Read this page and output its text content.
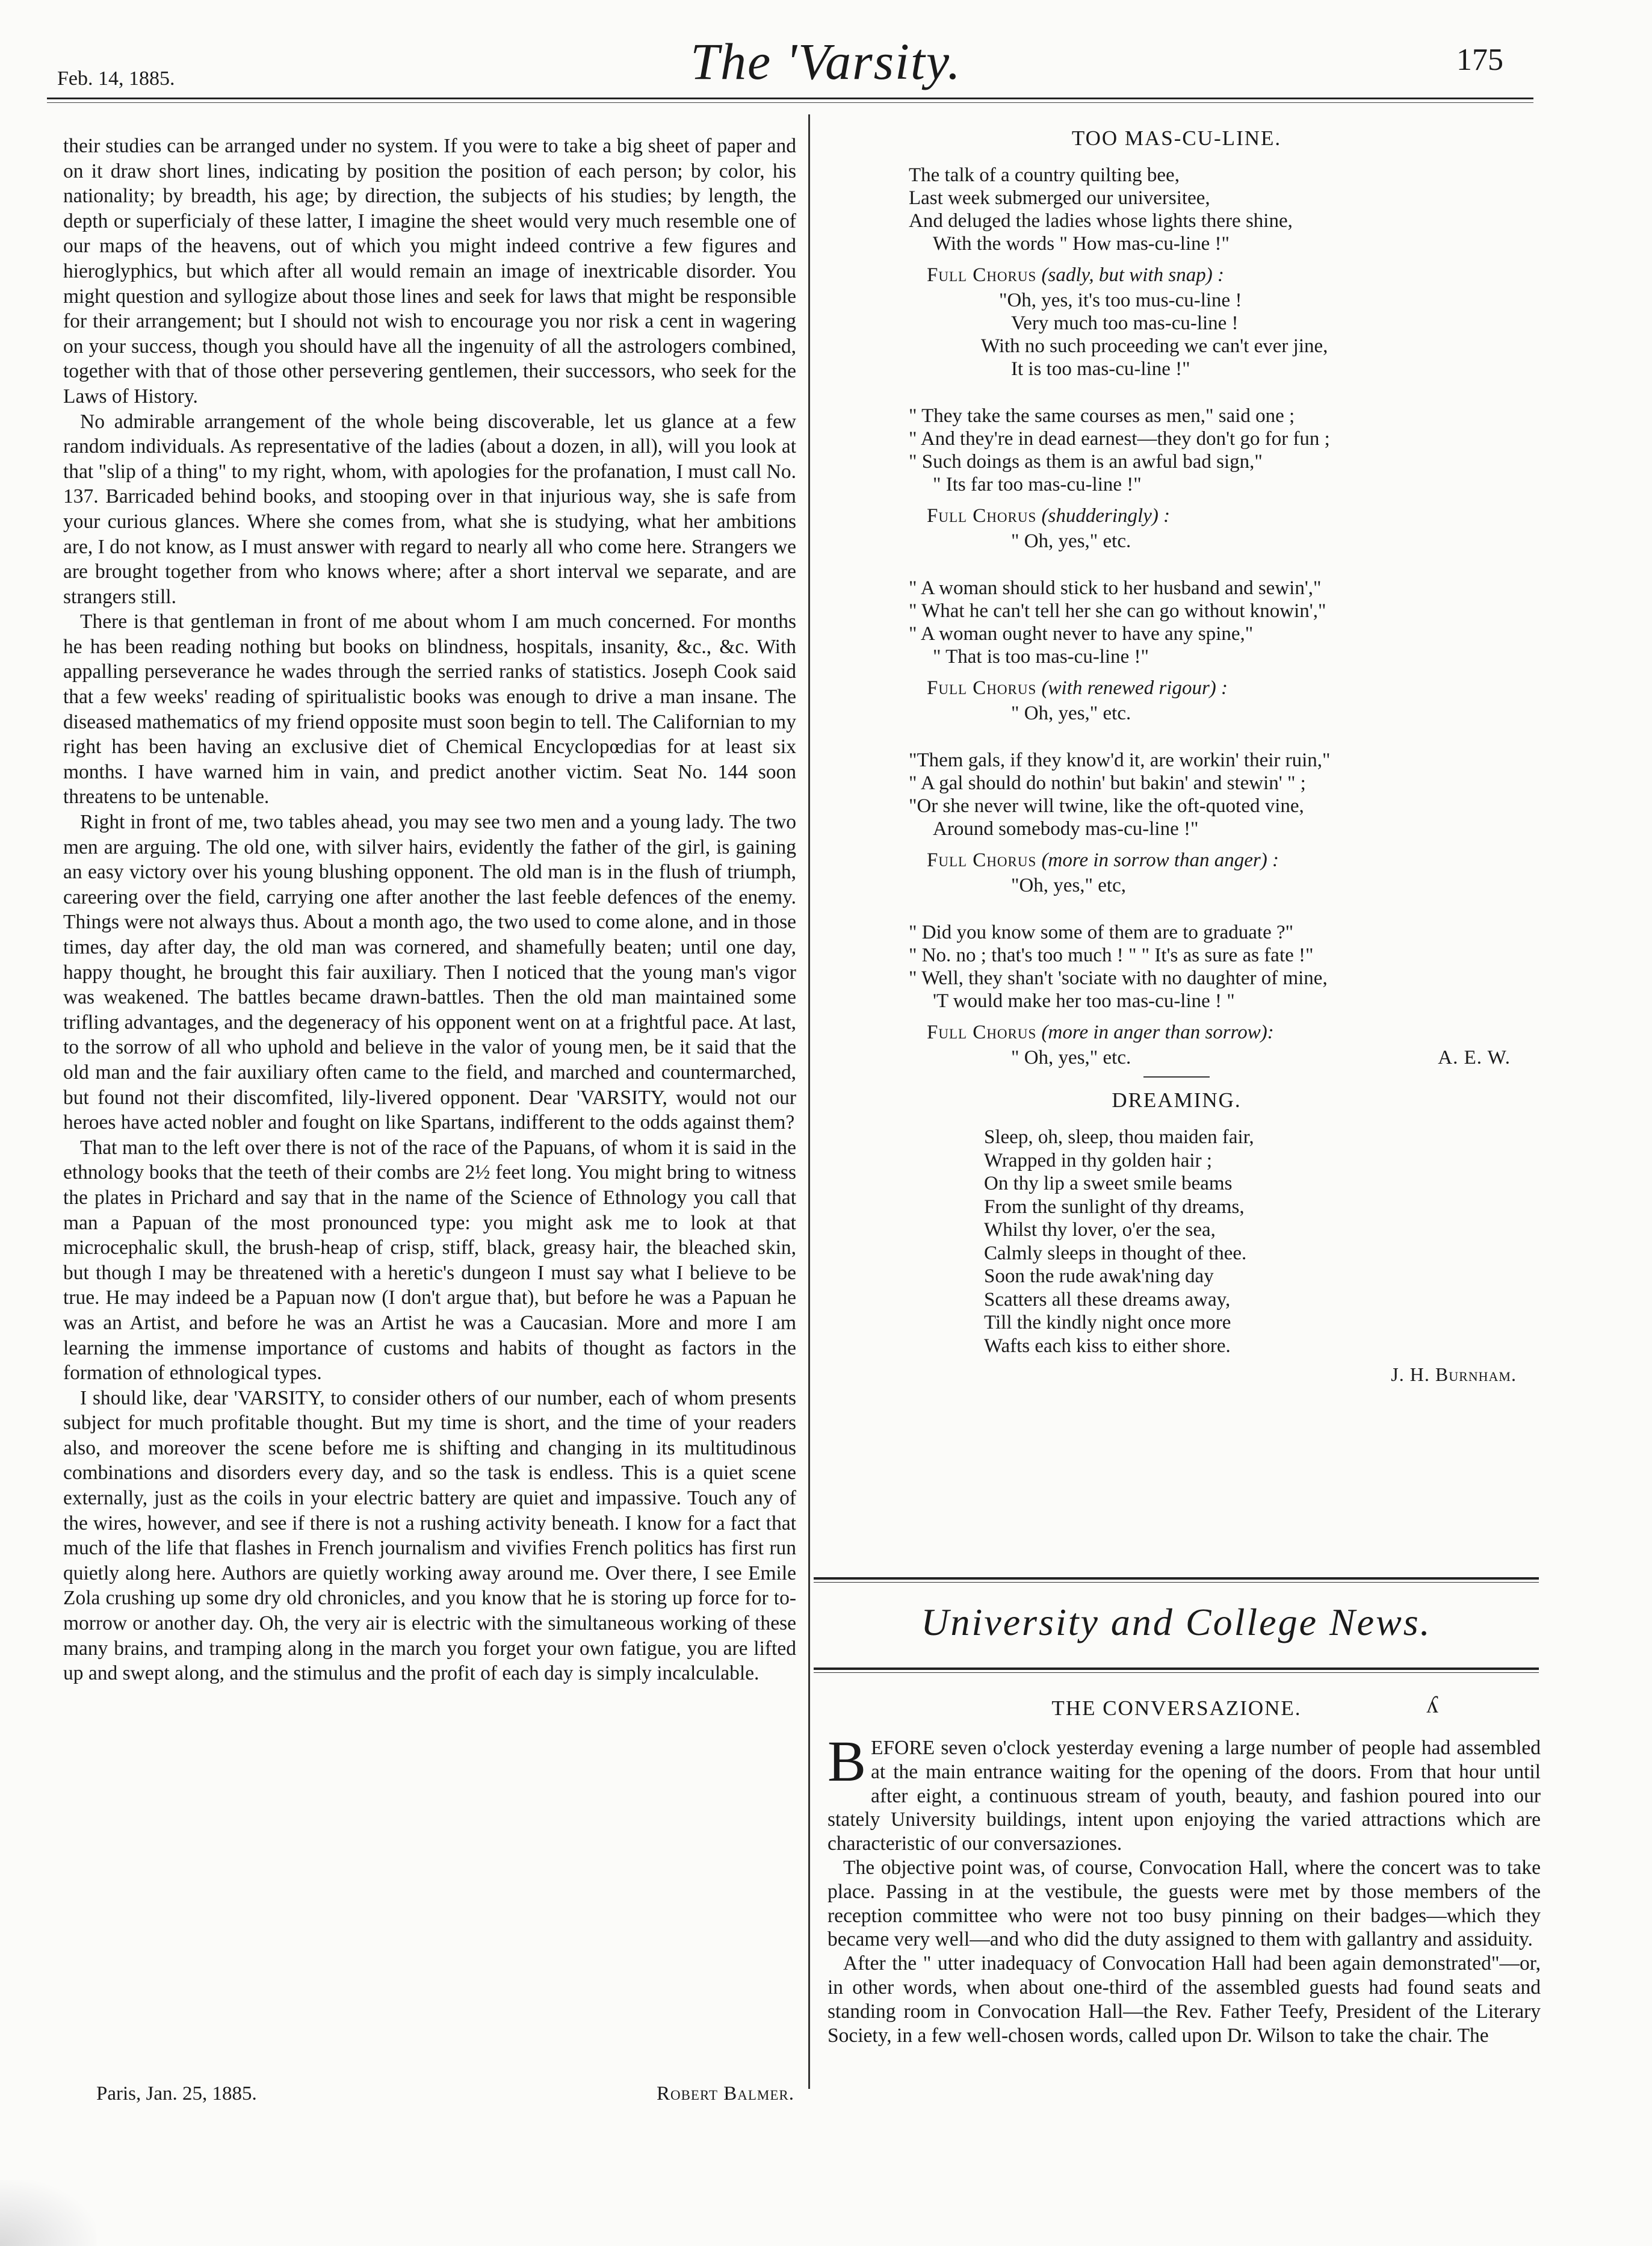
Feb. 14, 1885.	The 'Varsity.	175

their studies can be arranged under no system. If you were to take a big sheet of paper and on it draw short lines, indicating by position the position of each person; by color, his nationality; by breadth, his age; by direction, the subjects of his studies; by length, the depth or superficialy of these latter, I imagine the sheet would very much resemble one of our maps of the heavens, out of which you might indeed contrive a few figures and hieroglyphics, but which after all would remain an image of inextricable disorder. You might question and syllogize about those lines and seek for laws that might be responsible for their arrangement; but I should not wish to encourage you nor risk a cent in wagering on your success, though you should have all the ingenuity of all the astrologers combined, together with that of those other persevering gentlemen, their successors, who seek for the Laws of History.

No admirable arrangement of the whole being discoverable, let us glance at a few random individuals. As representative of the ladies (about a dozen, in all), will you look at that "slip of a thing" to my right, whom, with apologies for the profanation, I must call No. 137. Barricaded behind books, and stooping over in that injurious way, she is safe from your curious glances. Where she comes from, what she is studying, what her ambitions are, I do not know, as I must answer with regard to nearly all who come here. Strangers we are brought together from who knows where; after a short interval we separate, and are strangers still.

There is that gentleman in front of me about whom I am much concerned. For months he has been reading nothing but books on blindness, hospitals, insanity, &c., &c. With appalling perseverance he wades through the serried ranks of statistics. Joseph Cook said that a few weeks' reading of spiritualistic books was enough to drive a man insane. The diseased mathematics of my friend opposite must soon begin to tell. The Californian to my right has been having an exclusive diet of Chemical Encyclopœdias for at least six months. I have warned him in vain, and predict another victim. Seat No. 144 soon threatens to be untenable.

Right in front of me, two tables ahead, you may see two men and a young lady. The two men are arguing. The old one, with silver hairs, evidently the father of the girl, is gaining an easy victory over his young blushing opponent. The old man is in the flush of triumph, careering over the field, carrying one after another the last feeble defences of the enemy. Things were not always thus. About a month ago, the two used to come alone, and in those times, day after day, the old man was cornered, and shamefully beaten; until one day, happy thought, he brought this fair auxiliary. Then I noticed that the young man's vigor was weakened. The battles became drawn-battles. Then the old man maintained some trifling advantages, and the degeneracy of his opponent went on at a frightful pace. At last, to the sorrow of all who uphold and believe in the valor of young men, be it said that the old man and the fair auxiliary often came to the field, and marched and countermarched, but found not their discomfited, lily-livered opponent. Dear 'VARSITY, would not our heroes have acted nobler and fought on like Spartans, indifferent to the odds against them?

That man to the left over there is not of the race of the Papuans, of whom it is said in the ethnology books that the teeth of their combs are 2½ feet long. You might bring to witness the plates in Prichard and say that in the name of the Science of Ethnology you call that man a Papuan of the most pronounced type: you might ask me to look at that microcephalic skull, the brush-heap of crisp, stiff, black, greasy hair, the bleached skin, but though I may be threatened with a heretic's dungeon I must say what I believe to be true. He may indeed be a Papuan now (I don't argue that), but before he was a Papuan he was an Artist, and before he was an Artist he was a Caucasian. More and more I am learning the immense importance of customs and habits of thought as factors in the formation of ethnological types.

I should like, dear 'VARSITY, to consider others of our number, each of whom presents subject for much profitable thought. But my time is short, and the time of your readers also, and moreover the scene before me is shifting and changing in its multitudinous combinations and disorders every day, and so the task is endless. This is a quiet scene externally, just as the coils in your electric battery are quiet and impassive. Touch any of the wires, however, and see if there is not a rushing activity beneath. I know for a fact that much of the life that flashes in French journalism and vivifies French politics has first run quietly along here. Authors are quietly working away around me. Over there, I see Emile Zola crushing up some dry old chronicles, and you know that he is storing up force for to-morrow or another day. Oh, the very air is electric with the simultaneous working of these many brains, and tramping along in the march you forget your own fatigue, you are lifted up and swept along, and the stimulus and the profit of each day is simply incalculable.

Paris, Jan. 25, 1885.	Robert Balmer.
TOO MAS-CU-LINE.
The talk of a country quilting bee,
Last week submerged our universitee,
And deluged the ladies whose lights there shine,
With the words " How mas-cu-line !"
Full Chorus (sadly, but with snap) :
"Oh, yes, it's too mus-cu-line !
Very much too mas-cu-line !
With no such proceeding we can't ever jine,
It is too mas-cu-line !"
" They take the same courses as men," said one ;
" And they're in dead earnest—they don't go for fun ;
" Such doings as them is an awful bad sign,"
" Its far too mas-cu-line !"
Full Chorus (shudderingly) :
" Oh, yes," etc.
" A woman should stick to her husband and sewin',"
" What he can't tell her she can go without knowin',"
" A woman ought never to have any spine,"
" That is too mas-cu-line !"
Full Chorus (with renewed rigour) :
" Oh, yes," etc.
"Them gals, if they know'd it, are workin' their ruin,"
" A gal should do nothin' but bakin' and stewin' " ;
"Or she never will twine, like the oft-quoted vine,
Around somebody mas-cu-line !"
Full Chorus (more in sorrow than anger) :
"Oh, yes," etc,
" Did you know some of them are to graduate ?"
" No. no ; that's too much ! " " It's as sure as fate !"
" Well, they shan't 'sociate with no daughter of mine,
'T would make her too mas-cu-line ! "
Full Chorus (more in anger than sorrow):
" Oh, yes," etc.	A. E. W.
DREAMING.
Sleep, oh, sleep, thou maiden fair,
Wrapped in thy golden hair ;
On thy lip a sweet smile beams
From the sunlight of thy dreams,
Whilst thy lover, o'er the sea,
Calmly sleeps in thought of thee.
Soon the rude awak'ning day
Scatters all these dreams away,
Till the kindly night once more
Wafts each kiss to either shore.
J. H. Burnham.
University and College News.
THE CONVERSAZIONE.	ʎ

BEFORE seven o'clock yesterday evening a large number of people had assembled at the main entrance waiting for the opening of the doors. From that hour until after eight, a continuous stream of youth, beauty, and fashion poured into our stately University buildings, intent upon enjoying the varied attractions which are characteristic of our conversaziones.

The objective point was, of course, Convocation Hall, where the concert was to take place. Passing in at the vestibule, the guests were met by those members of the reception committee who were not too busy pinning on their badges—which they became very well—and who did the duty assigned to them with gallantry and assiduity.

After the " utter inadequacy of Convocation Hall had been again demonstrated"—or, in other words, when about one-third of the assembled guests had found seats and standing room in Convocation Hall—the Rev. Father Teefy, President of the Literary Society, in a few well-chosen words, called upon Dr. Wilson to take the chair. The
